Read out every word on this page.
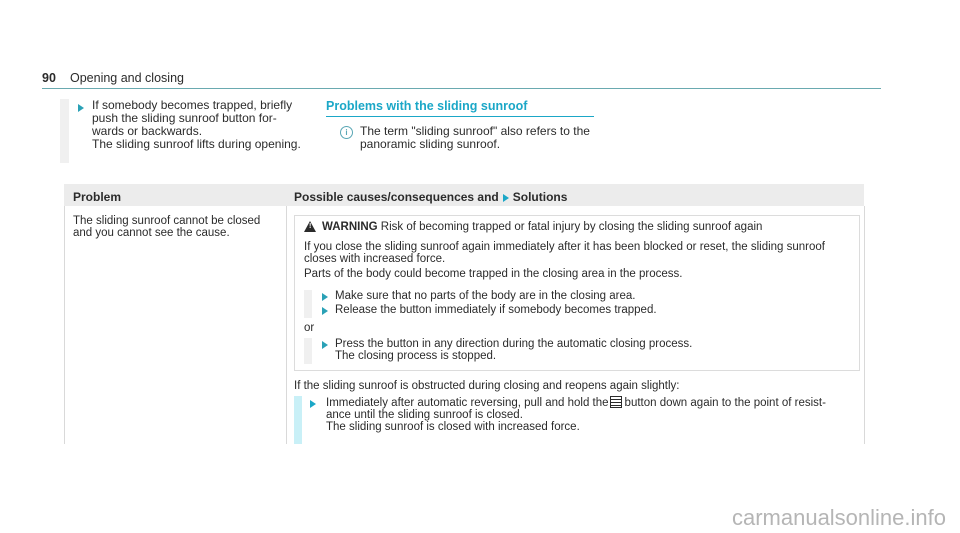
90 Opening and closing
If somebody becomes trapped, briefly
push the sliding sunroof button for-
wards or backwards.
The sliding sunroof lifts during opening.
Problems with the sliding sunroof
i	The term "sliding sunroof" also refers to the
panoramic sliding sunroof.
Problem	Possible causes/consequences and Solutions
The sliding sunroof cannot be closed
and you cannot see the cause.
! WARNING Risk of becoming trapped or fatal injury by closing the sliding sunroof again
If you close the sliding sunroof again immediately after it has been blocked or reset, the sliding sunroof
closes with increased force.
Parts of the body could become trapped in the closing area in the process.
Make sure that no parts of the body are in the closing area.
Release the button immediately if somebody becomes trapped.
or
Press the button in any direction during the automatic closing process.
The closing process is stopped.
If the sliding sunroof is obstructed during closing and reopens again slightly:
Immediately after automatic reversing, pull and hold the button down again to the point of resist-
ance until the sliding sunroof is closed.
The sliding sunroof is closed with increased force.
carmanualsonline.info
